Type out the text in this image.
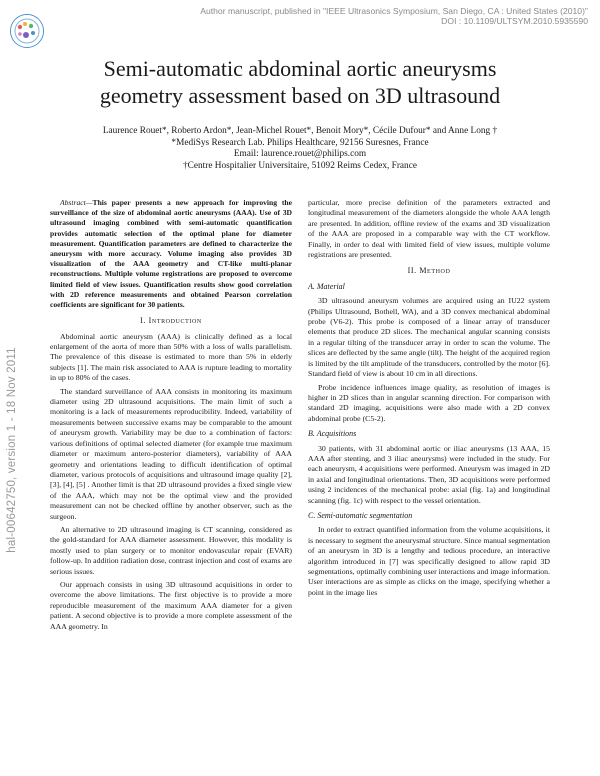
Author manuscript, published in "IEEE Ultrasonics Symposium, San Diego, CA : United States (2010)"
DOI : 10.1109/ULTSYM.2010.5935590
hal-00642750, version 1 - 18 Nov 2011
Semi-automatic abdominal aortic aneurysms
geometry assessment based on 3D ultrasound
Laurence Rouet*, Roberto Ardon*, Jean-Michel Rouet*, Benoit Mory*, Cécile Dufour* and Anne Long †
*MediSys Research Lab. Philips Healthcare, 92156 Suresnes, France
Email: laurence.rouet@philips.com
†Centre Hospitalier Universitaire, 51092 Reims Cedex, France

Abstract—This paper presents a new approach for improving the surveillance of the size of abdominal aortic aneurysms (AAA). Use of 3D ultrasound imaging combined with semi-automatic quantification provides automatic selection of the optimal plane for diameter measurement. Quantification parameters are defined to characterize the aneurysm with more accuracy. Volume imaging also provides 3D visualization of the AAA geometry and CT-like multi-planar reconstructions. Multiple volume registrations are proposed to overcome limited field of view issues. Quantification results show good correlation with 2D reference measurements and obtained Pearson correlation coefficients are significant for 30 patients.

I. Introduction

Abdominal aortic aneurysm (AAA) is clinically defined as a local enlargement of the aorta of more than 50% with a loss of walls parallelism. The prevalence of this disease is estimated to more than 5% in elderly subjects [1]. The main risk associated to AAA is rupture leading to mortality in up to 80% of the cases.

The standard surveillance of AAA consists in monitoring its maximum diameter using 2D ultrasound acquisitions. The main limit of such a monitoring is a lack of measurements reproducibility. Indeed, variability of measurements between successive exams may be comparable to the amount of aneurysm growth. Variability may be due to a combination of factors: various definitions of optimal selected diameter (for example true maximum diameter or maximum antero-posterior diameters), variability of AAA geometry and orientations leading to difficult identification of optimal diameter, various protocols of acquisitions and ultrasound image quality [2], [3], [4], [5] . Another limit is that 2D ultrasound provides a fixed single view of the AAA, which may not be the optimal view and the provided measurement can not be checked offline by another observer, such as the surgeon.

An alternative to 2D ultrasound imaging is CT scanning, considered as the gold-standard for AAA diameter assessment. However, this modality is mostly used to plan surgery or to monitor endovascular repair (EVAR) follow-up. In addition radiation dose, contrast injection and cost of exams are serious issues.

Our approach consists in using 3D ultrasound acquisitions in order to overcome the above limitations. The first objective is to provide a more reproducible measurement of the maximum AAA diameter for a given patient. A second objective is to provide a more complete assessment of the AAA geometry. In

particular, more precise definition of the parameters extracted and longitudinal measurement of the diameters alongside the whole AAA length are presented. In addition, offline review of the exams and 3D visualization of the AAA are proposed in a comparable way with the CT workflow. Finally, in order to deal with limited field of view issues, multiple volume registrations are presented.

II. Method
A. Material

3D ultrasound aneurysm volumes are acquired using an IU22 system (Philips Ultrasound, Bothell, WA), and a 3D convex mechanical abdominal probe (V6-2). This probe is composed of a linear array of transducer elements that produce 2D slices. The mechanical angular scanning consists in a regular tilting of the transducer array in order to scan the volume. The slices are deflected by the same angle (tilt). The height of the acquired region is limited by the tilt amplitude of the transducers, controlled by the motor [6]. Standard field of view is about 10 cm in all directions.

Probe incidence influences image quality, as resolution of images is higher in 2D slices than in angular scanning direction. For comparison with standard 2D imaging, acquisitions were also made with a 2D convex abdominal probe (C5-2).

B. Acquisitions

30 patients, with 31 abdominal aortic or iliac aneurysms (13 AAA, 15 AAA after stenting, and 3 iliac aneurysms) were included in the study. For each aneurysm, 4 acquisitions were performed. Aneurysm was imaged in 2D in axial and longitudinal orientations. Then, 3D acquisitions were performed using 2 incidences of the mechanical probe: axial (fig. 1a) and longitudinal scanning (fig. 1c) with respect to the vessel orientation.

C. Semi-automatic segmentation

In order to extract quantified information from the volume acquisitions, it is necessary to segment the aneurysmal structure. Since manual segmentation of an aneurysm in 3D is a lengthy and tedious procedure, an interactive algorithm introduced in [7] was specifically designed to allow rapid 3D segmentations, optimally combining user interactions and image information. User interactions are as simple as clicks on the image, specifying whether a point in the image lies
